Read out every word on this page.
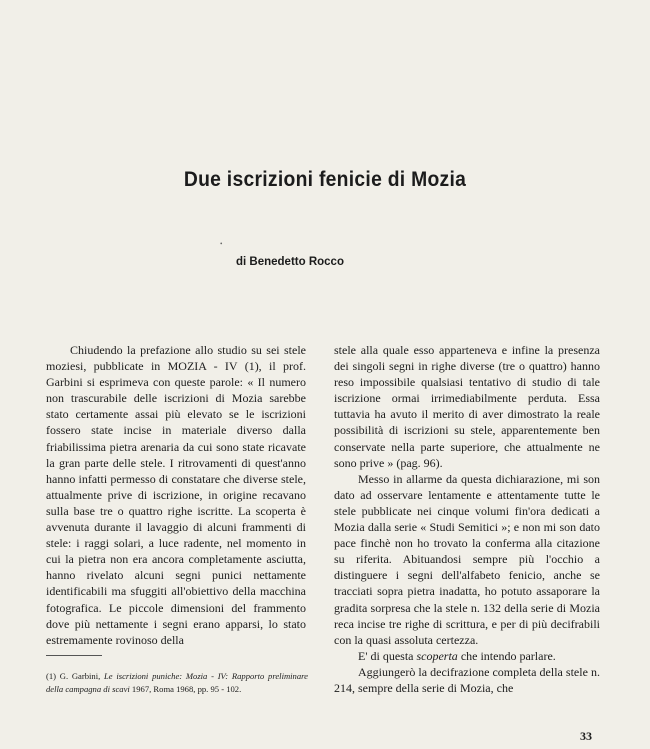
Due iscrizioni fenicie di Mozia
•
di Benedetto Rocco

Chiudendo la prefazione allo studio su sei stele moziesi, pubblicate in MOZIA - IV (1), il prof. Garbini si esprimeva con queste parole: « Il numero non trascurabile delle iscrizioni di Mozia sarebbe stato certamente assai più elevato se le iscrizioni fossero state incise in materiale diverso dalla friabilissima pietra arenaria da cui sono state ricavate la gran parte delle stele. I ritrovamenti di quest'anno hanno infatti permesso di constatare che diverse stele, attualmente prive di iscrizione, in origine recavano sulla base tre o quattro righe iscritte. La scoperta è avvenuta durante il lavaggio di alcuni frammenti di stele: i raggi solari, a luce radente, nel momento in cui la pietra non era ancora completamente asciutta, hanno rivelato alcuni segni punici nettamente identificabili ma sfuggiti all'obiettivo della macchina fotografica. Le piccole dimensioni del frammento dove più nettamente i segni erano apparsi, lo stato estremamente rovinoso della

stele alla quale esso apparteneva e infine la presenza dei singoli segni in righe diverse (tre o quattro) hanno reso impossibile qualsiasi tentativo di studio di tale iscrizione ormai irrimediabilmente perduta. Essa tuttavia ha avuto il merito di aver dimostrato la reale possibilità di iscrizioni su stele, apparentemente ben conservate nella parte superiore, che attualmente ne sono prive » (pag. 96).

Messo in allarme da questa dichiarazione, mi son dato ad osservare lentamente e attentamente tutte le stele pubblicate nei cinque volumi fin'ora dedicati a Mozia dalla serie « Studi Semitici »; e non mi son dato pace finchè non ho trovato la conferma alla citazione su riferita. Abituandosi sempre più l'occhio a distinguere i segni dell'alfabeto fenicio, anche se tracciati sopra pietra inadatta, ho potuto assaporare la gradita sorpresa che la stele n. 132 della serie di Mozia reca incise tre righe di scrittura, e per di più decifrabili con la quasi assoluta certezza.

E' di questa scoperta che intendo parlare.

Aggiungerò la decifrazione completa della stele n. 214, sempre della serie di Mozia, che

(1) G. Garbini, Le iscrizioni puniche: Mozia - IV: Rapporto preliminare della campagna di scavi 1967, Roma 1968, pp. 95 - 102.
33
